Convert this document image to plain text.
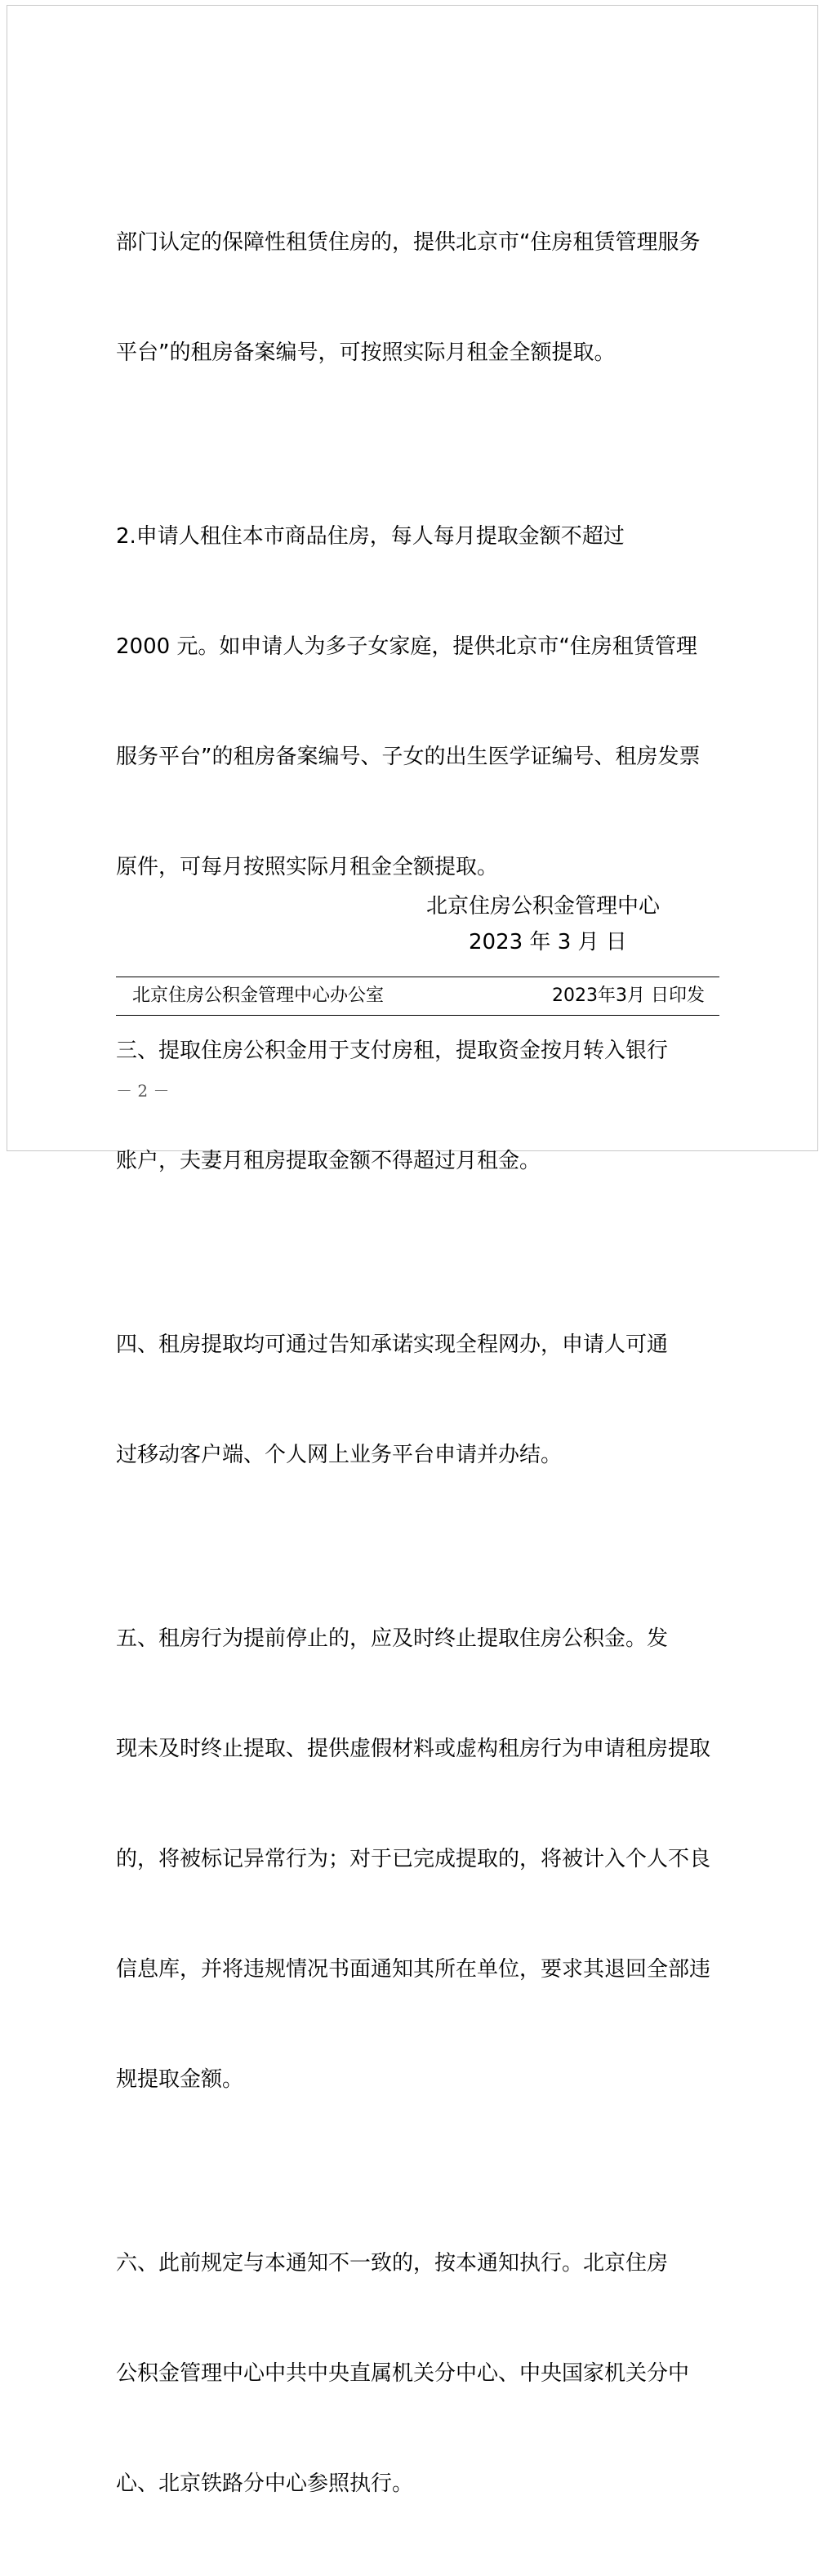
部门认定的保障性租赁住房的，提供北京市“住房租赁管理服务

平台”的租房备案编号，可按照实际月租金全额提取。

2.申请人租住本市商品住房，每人每月提取金额不超过

2000 元。如申请人为多子女家庭，提供北京市“住房租赁管理

服务平台”的租房备案编号、子女的出生医学证编号、租房发票

原件，可每月按照实际月租金全额提取。

三、提取住房公积金用于支付房租，提取资金按月转入银行

账户，夫妻月租房提取金额不得超过月租金。

四、租房提取均可通过告知承诺实现全程网办，申请人可通

过移动客户端、个人网上业务平台申请并办结。

五、租房行为提前停止的，应及时终止提取住房公积金。发

现未及时终止提取、提供虚假材料或虚构租房行为申请租房提取

的，将被标记异常行为；对于已完成提取的，将被计入个人不良

信息库，并将违规情况书面通知其所在单位，要求其退回全部违

规提取金额。

六、此前规定与本通知不一致的，按本通知执行。北京住房

公积金管理中心中共中央直属机关分中心、中央国家机关分中

心、北京铁路分中心参照执行。

北京住房公积金管理中心
2023 年 3 月 日
北京住房公积金管理中心办公室	2023年3月 日印发
－ 2 －
